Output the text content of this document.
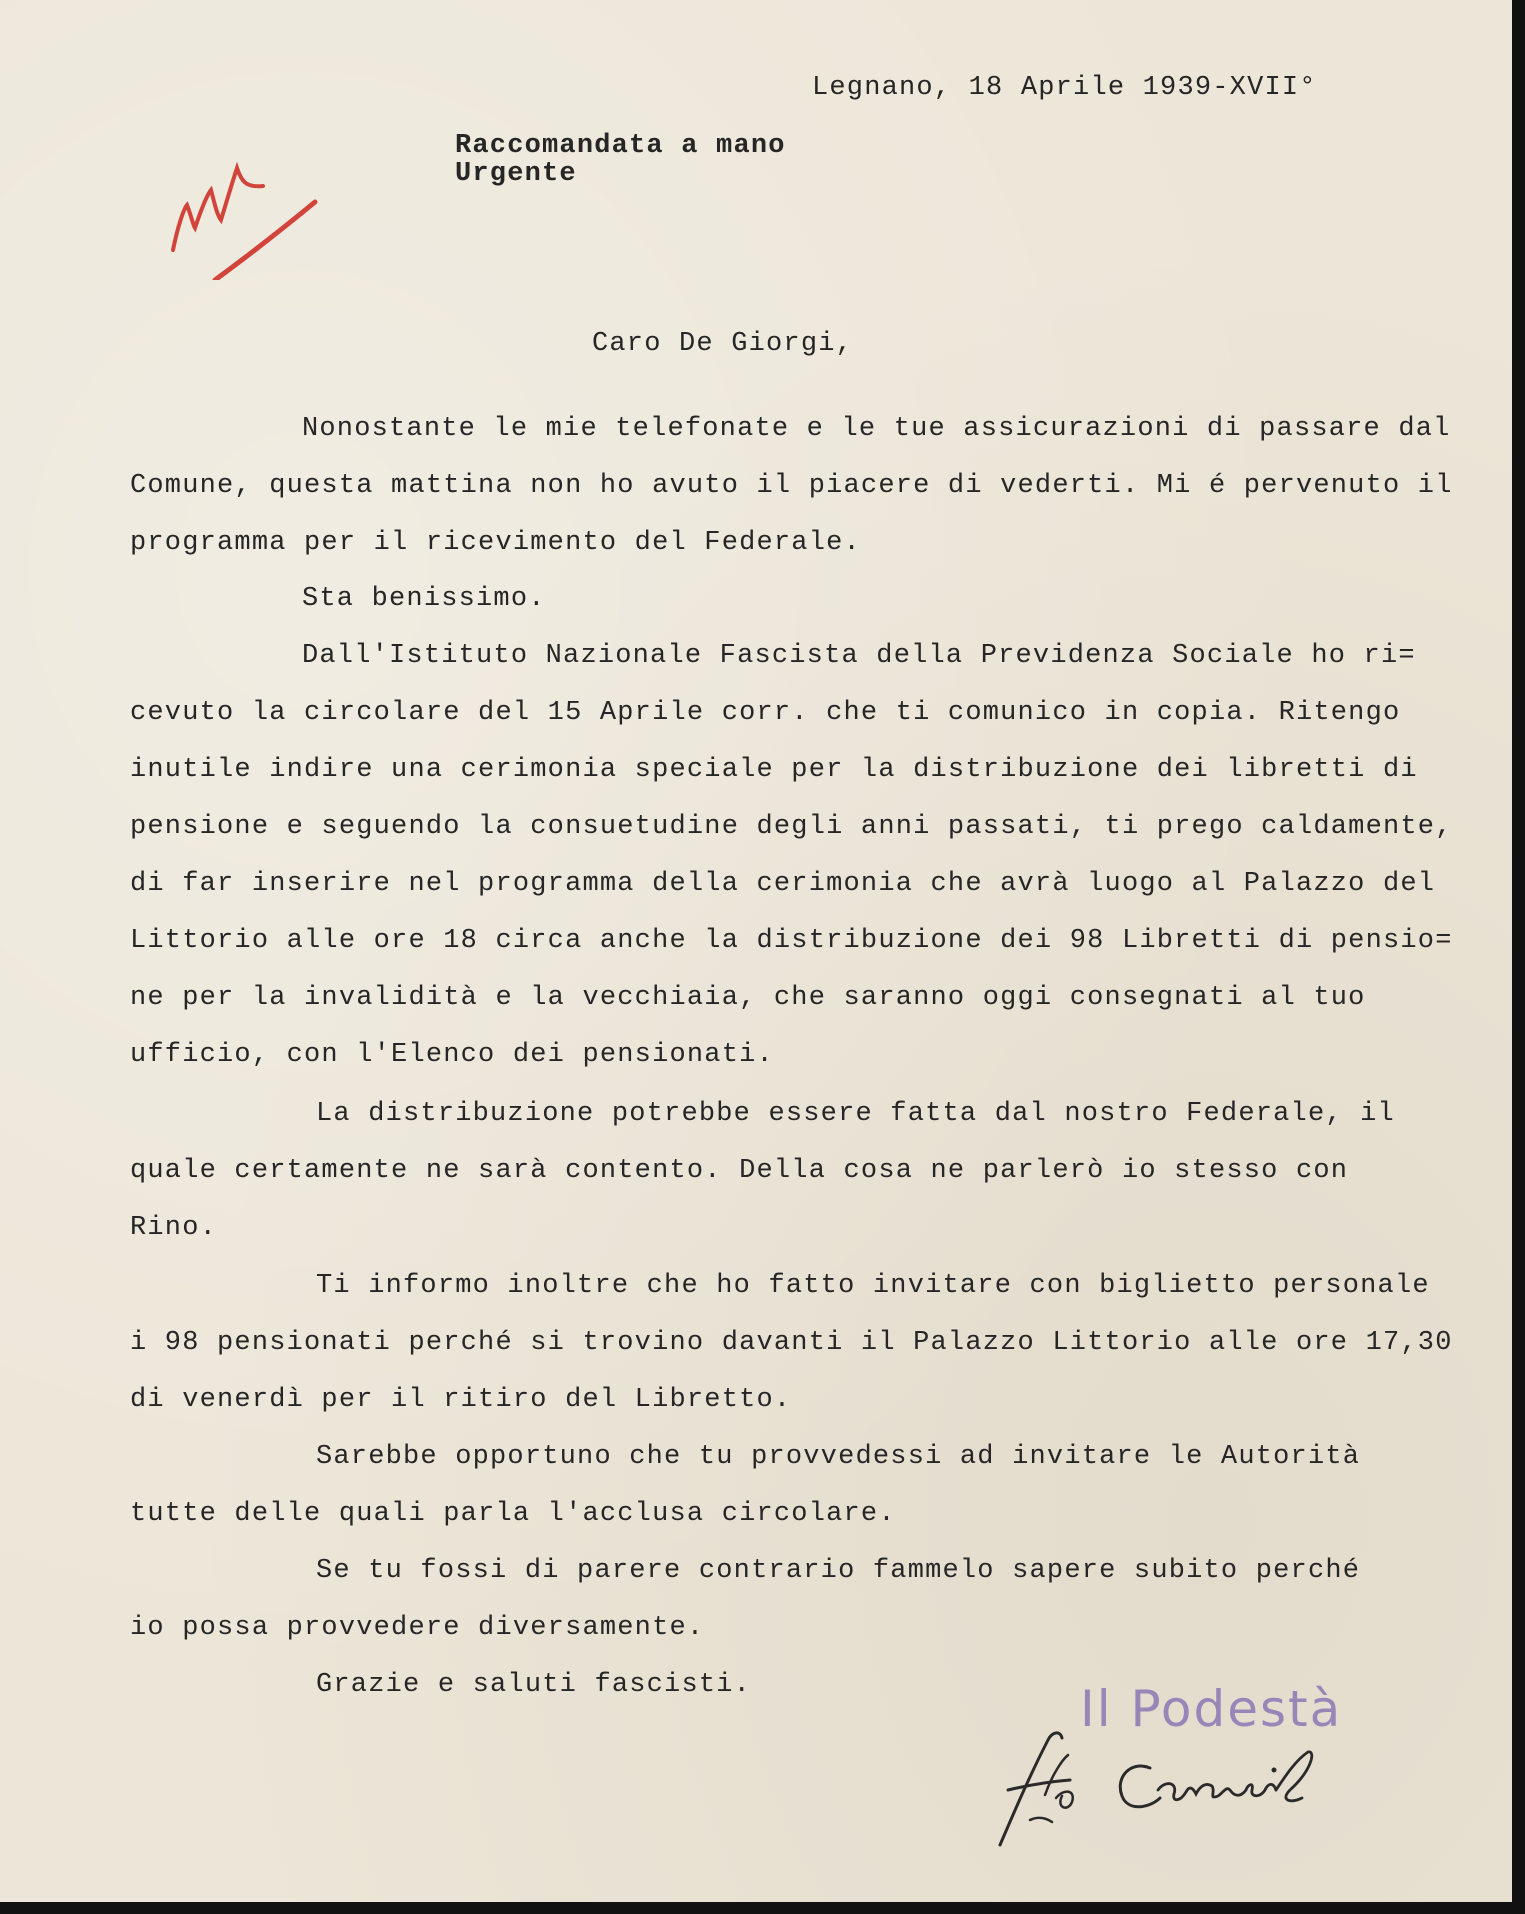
Legnano, 18 Aprile 1939-XVII°
Raccomandata a mano
Urgente
Caro De Giorgi,
Nonostante le mie telefonate e le tue assicurazioni di passare dal
Comune, questa mattina non ho avuto il piacere di vederti. Mi é pervenuto il
programma per il ricevimento del Federale.
Sta benissimo.
Dall'Istituto Nazionale Fascista della Previdenza Sociale ho ri=
cevuto la circolare del 15 Aprile corr. che ti comunico in copia. Ritengo
inutile indire una cerimonia speciale per la distribuzione dei libretti di
pensione e seguendo la consuetudine degli anni passati, ti prego caldamente,
di far inserire nel programma della cerimonia che avrà luogo al Palazzo del
Littorio alle ore 18 circa anche la distribuzione dei 98 Libretti di pensio=
ne per la invalidità e la vecchiaia, che saranno oggi consegnati al tuo
ufficio, con l'Elenco dei pensionati.
La distribuzione potrebbe essere fatta dal nostro Federale, il
quale certamente ne sarà contento. Della cosa ne parlerò io stesso con
Rino.
Ti informo inoltre che ho fatto invitare con biglietto personale
i 98 pensionati perché si trovino davanti il Palazzo Littorio alle ore 17,30
di venerdì per il ritiro del Libretto.
Sarebbe opportuno che tu provvedessi ad invitare le Autorità
tutte delle quali parla l'acclusa circolare.
Se tu fossi di parere contrario fammelo sapere subito perché
io possa provvedere diversamente.
Grazie e saluti fascisti.	Il Podestà
